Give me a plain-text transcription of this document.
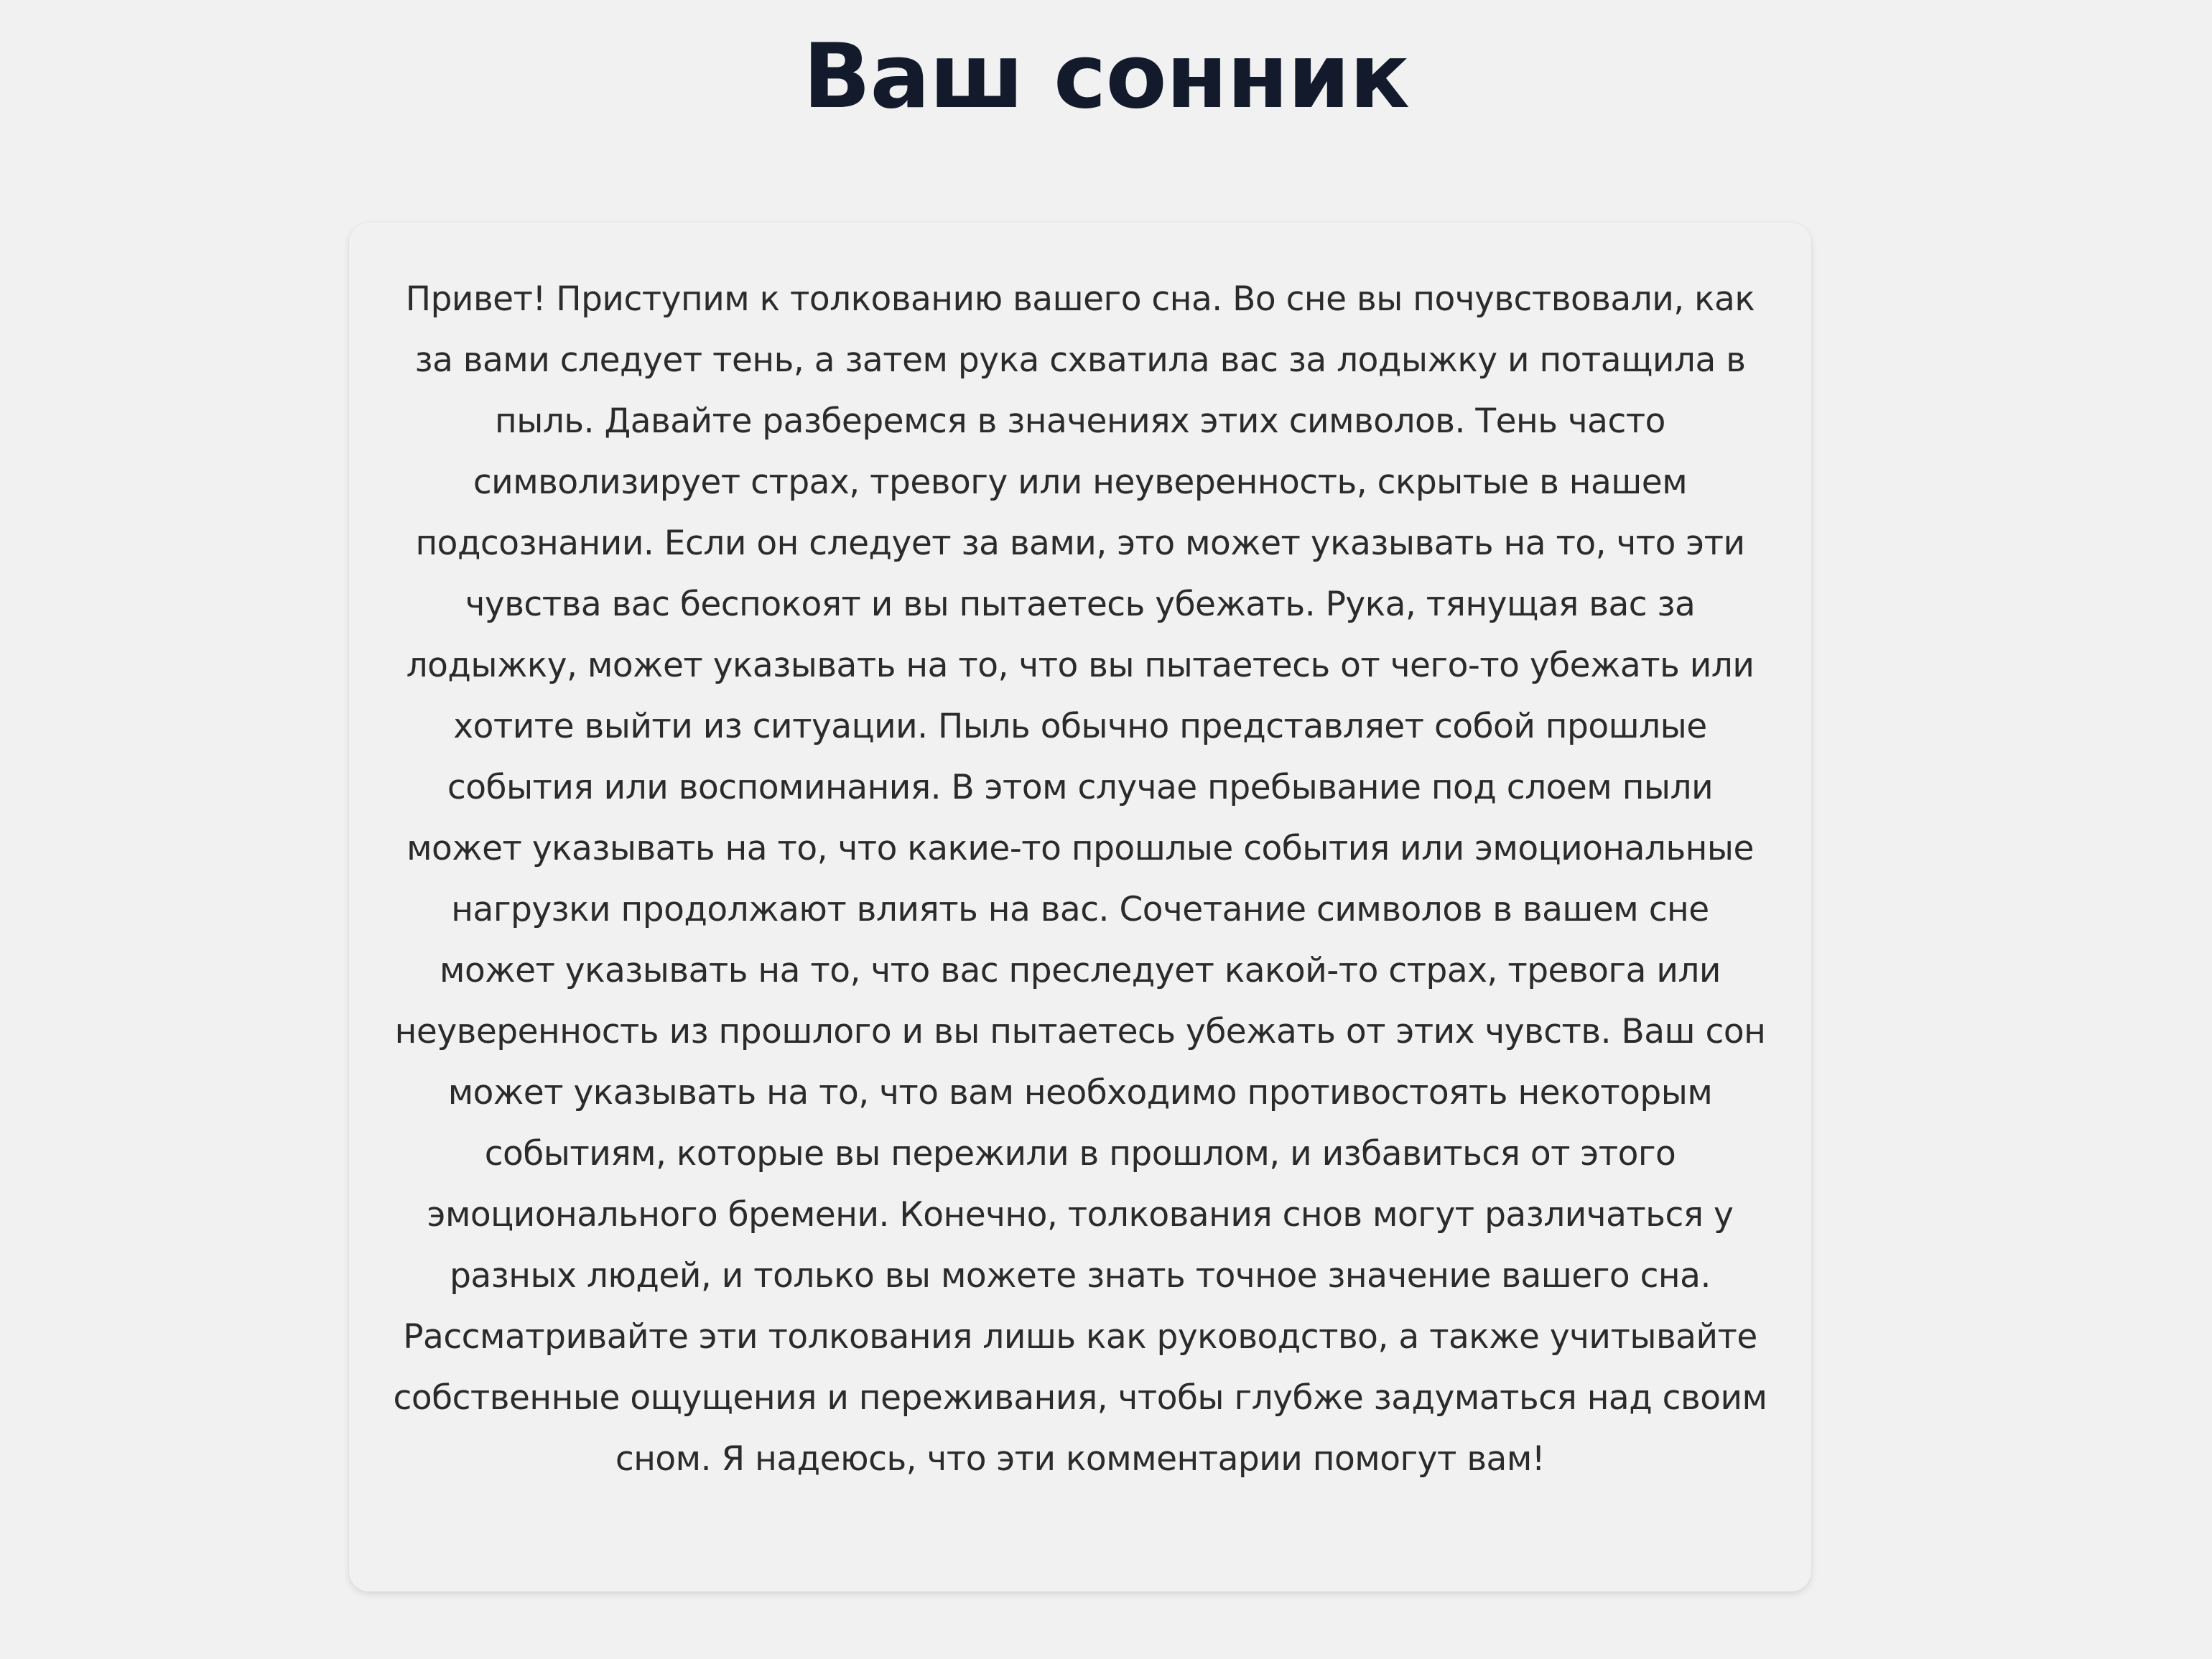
Ваш сонник

Привет! Приступим к толкованию вашего сна. Во сне вы почувствовали, как за вами следует тень, а затем рука схватила вас за лодыжку и потащила в пыль. Давайте разберемся в значениях этих символов. Тень часто символизирует страх, тревогу или неуверенность, скрытые в нашем подсознании. Если он следует за вами, это может указывать на то, что эти чувства вас беспокоят и вы пытаетесь убежать. Рука, тянущая вас за лодыжку, может указывать на то, что вы пытаетесь от чего-то убежать или хотите выйти из ситуации. Пыль обычно представляет собой прошлые события или воспоминания. В этом случае пребывание под слоем пыли может указывать на то, что какие-то прошлые события или эмоциональные нагрузки продолжают влиять на вас. Сочетание символов в вашем сне может указывать на то, что вас преследует какой-то страх, тревога или неуверенность из прошлого и вы пытаетесь убежать от этих чувств. Ваш сон может указывать на то, что вам необходимо противостоять некоторым событиям, которые вы пережили в прошлом, и избавиться от этого эмоционального бремени. Конечно, толкования снов могут различаться у разных людей, и только вы можете знать точное значение вашего сна. Рассматривайте эти толкования лишь как руководство, а также учитывайте собственные ощущения и переживания, чтобы глубже задуматься над своим сном. Я надеюсь, что эти комментарии помогут вам!
